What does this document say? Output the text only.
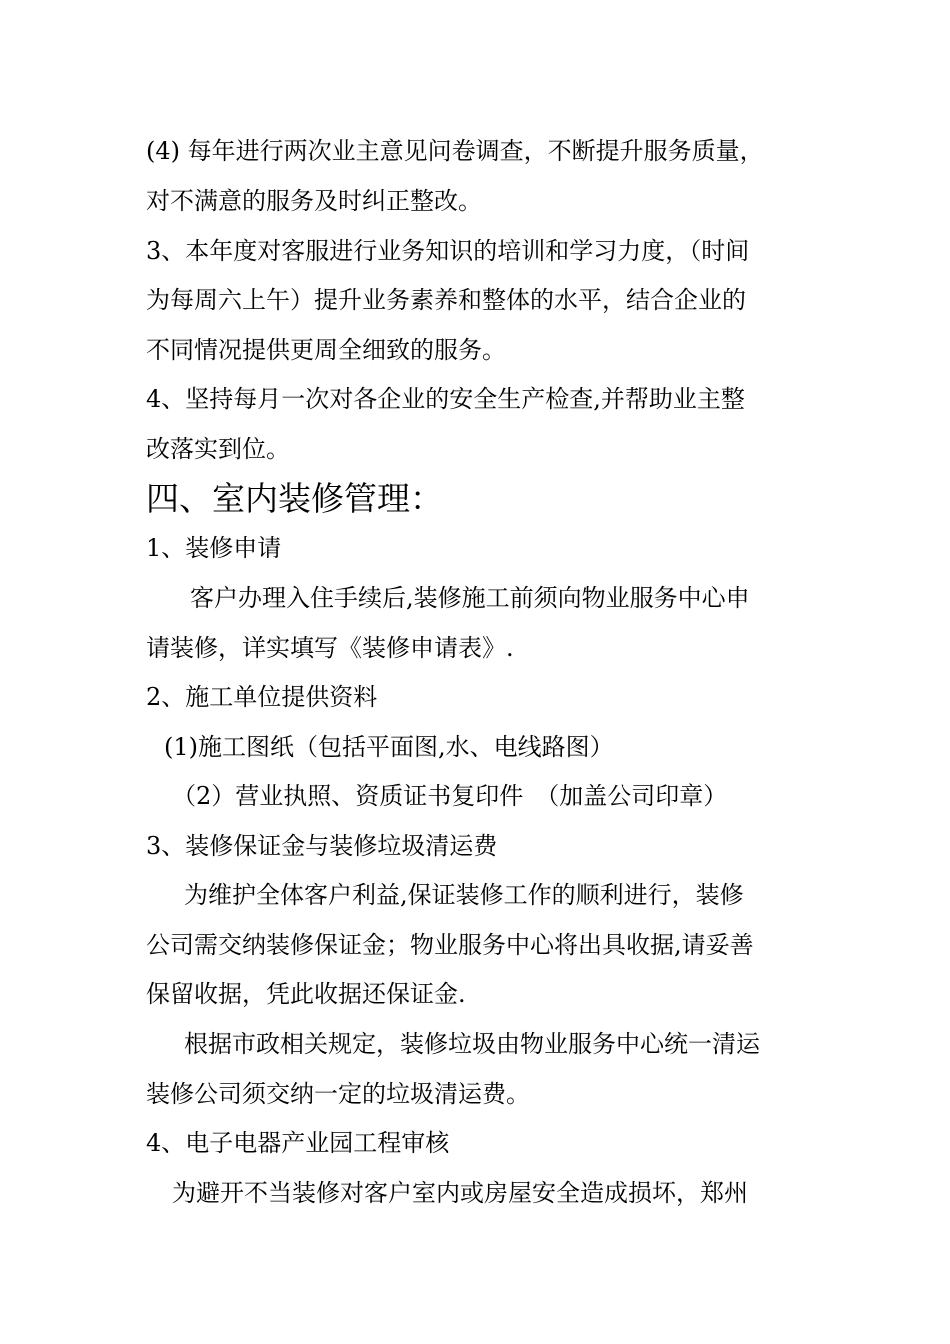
(4) 每年进行两次业主意见问卷调查，不断提升服务质量，
对不满意的服务及时纠正整改。
3、本年度对客服进行业务知识的培训和学习力度，（时间
为每周六上午）提升业务素养和整体的水平，结合企业的
不同情况提供更周全细致的服务。
4、坚持每月一次对各企业的安全生产检查,并帮助业主整
改落实到位。
四、室内装修管理：
1、装修申请
客户办理入住手续后,装修施工前须向物业服务中心申
请装修，详实填写《装修申请表》.
2、施工单位提供资料
(1)施工图纸（包括平面图,水、电线路图）
（2）营业执照、资质证书复印件　（加盖公司印章）
3、装修保证金与装修垃圾清运费
为维护全体客户利益,保证装修工作的顺利进行，装修
公司需交纳装修保证金；物业服务中心将出具收据,请妥善
保留收据，凭此收据还保证金.
根据市政相关规定，装修垃圾由物业服务中心统一清运
装修公司须交纳一定的垃圾清运费。
4、电子电器产业园工程审核
为避开不当装修对客户室内或房屋安全造成损坏，郑州
